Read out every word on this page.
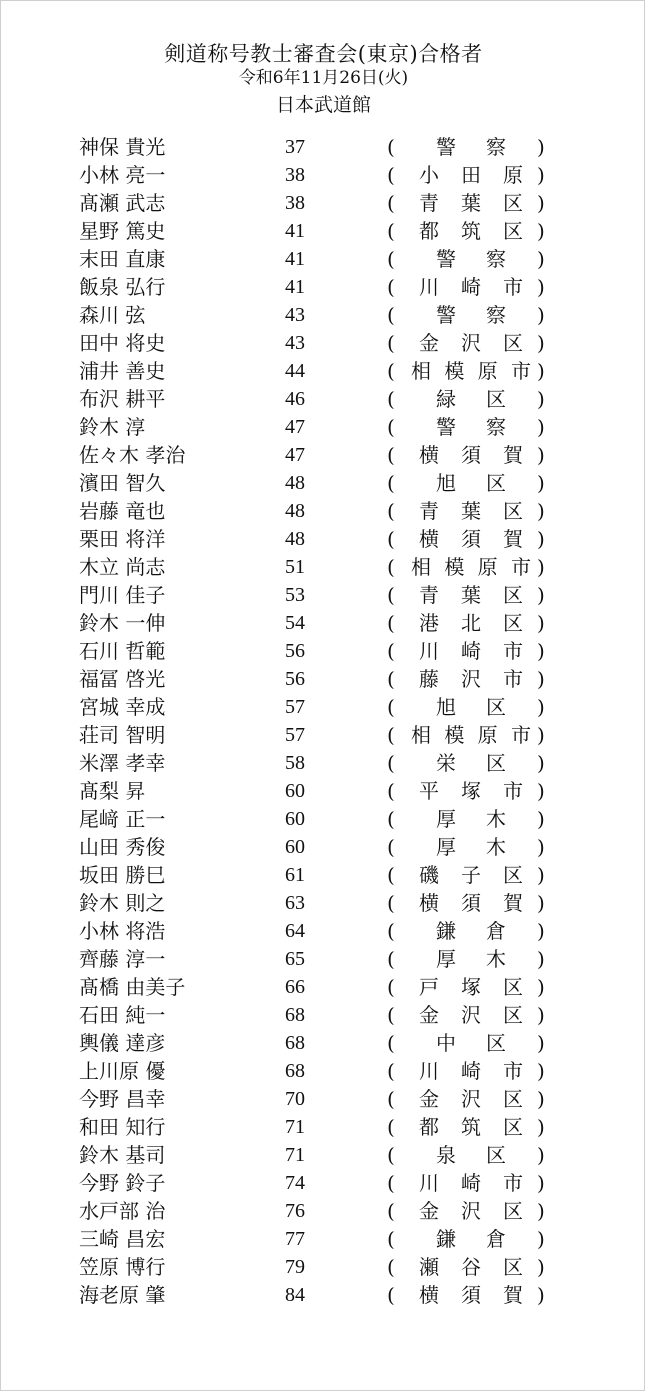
剣道称号教士審査会(東京)合格者
令和6年11月26日(火)
日本武道館
神保 貴光	37	( 警 察 )
小林 亮一	38	( 小 田 原 )
髙瀬 武志	38	( 青 葉 区 )
星野 篤史	41	( 都 筑 区 )
末田 直康	41	( 警 察 )
飯泉 弘行	41	( 川 崎 市 )
森川 弦	43	( 警 察 )
田中 将史	43	( 金 沢 区 )
浦井 善史	44	( 相 模 原 市 )
布沢 耕平	46	( 緑 区 )
鈴木 淳	47	( 警 察 )
佐々木 孝治	47	( 横 須 賀 )
濱田 智久	48	( 旭 区 )
岩藤 竜也	48	( 青 葉 区 )
栗田 将洋	48	( 横 須 賀 )
木立 尚志	51	( 相 模 原 市 )
門川 佳子	53	( 青 葉 区 )
鈴木 一伸	54	( 港 北 区 )
石川 哲範	56	( 川 崎 市 )
福冨 啓光	56	( 藤 沢 市 )
宮城 幸成	57	( 旭 区 )
荘司 智明	57	( 相 模 原 市 )
米澤 孝幸	58	( 栄 区 )
髙梨 昇	60	( 平 塚 市 )
尾﨑 正一	60	( 厚 木 )
山田 秀俊	60	( 厚 木 )
坂田 勝巳	61	( 磯 子 区 )
鈴木 則之	63	( 横 須 賀 )
小林 将浩	64	( 鎌 倉 )
齊藤 淳一	65	( 厚 木 )
髙橋 由美子	66	( 戸 塚 区 )
石田 純一	68	( 金 沢 区 )
輿儀 達彦	68	( 中 区 )
上川原 優	68	( 川 崎 市 )
今野 昌幸	70	( 金 沢 区 )
和田 知行	71	( 都 筑 区 )
鈴木 基司	71	( 泉 区 )
今野 鈴子	74	( 川 崎 市 )
水戸部 治	76	( 金 沢 区 )
三崎 昌宏	77	( 鎌 倉 )
笠原 博行	79	( 瀬 谷 区 )
海老原 肇	84	( 横 須 賀 )
